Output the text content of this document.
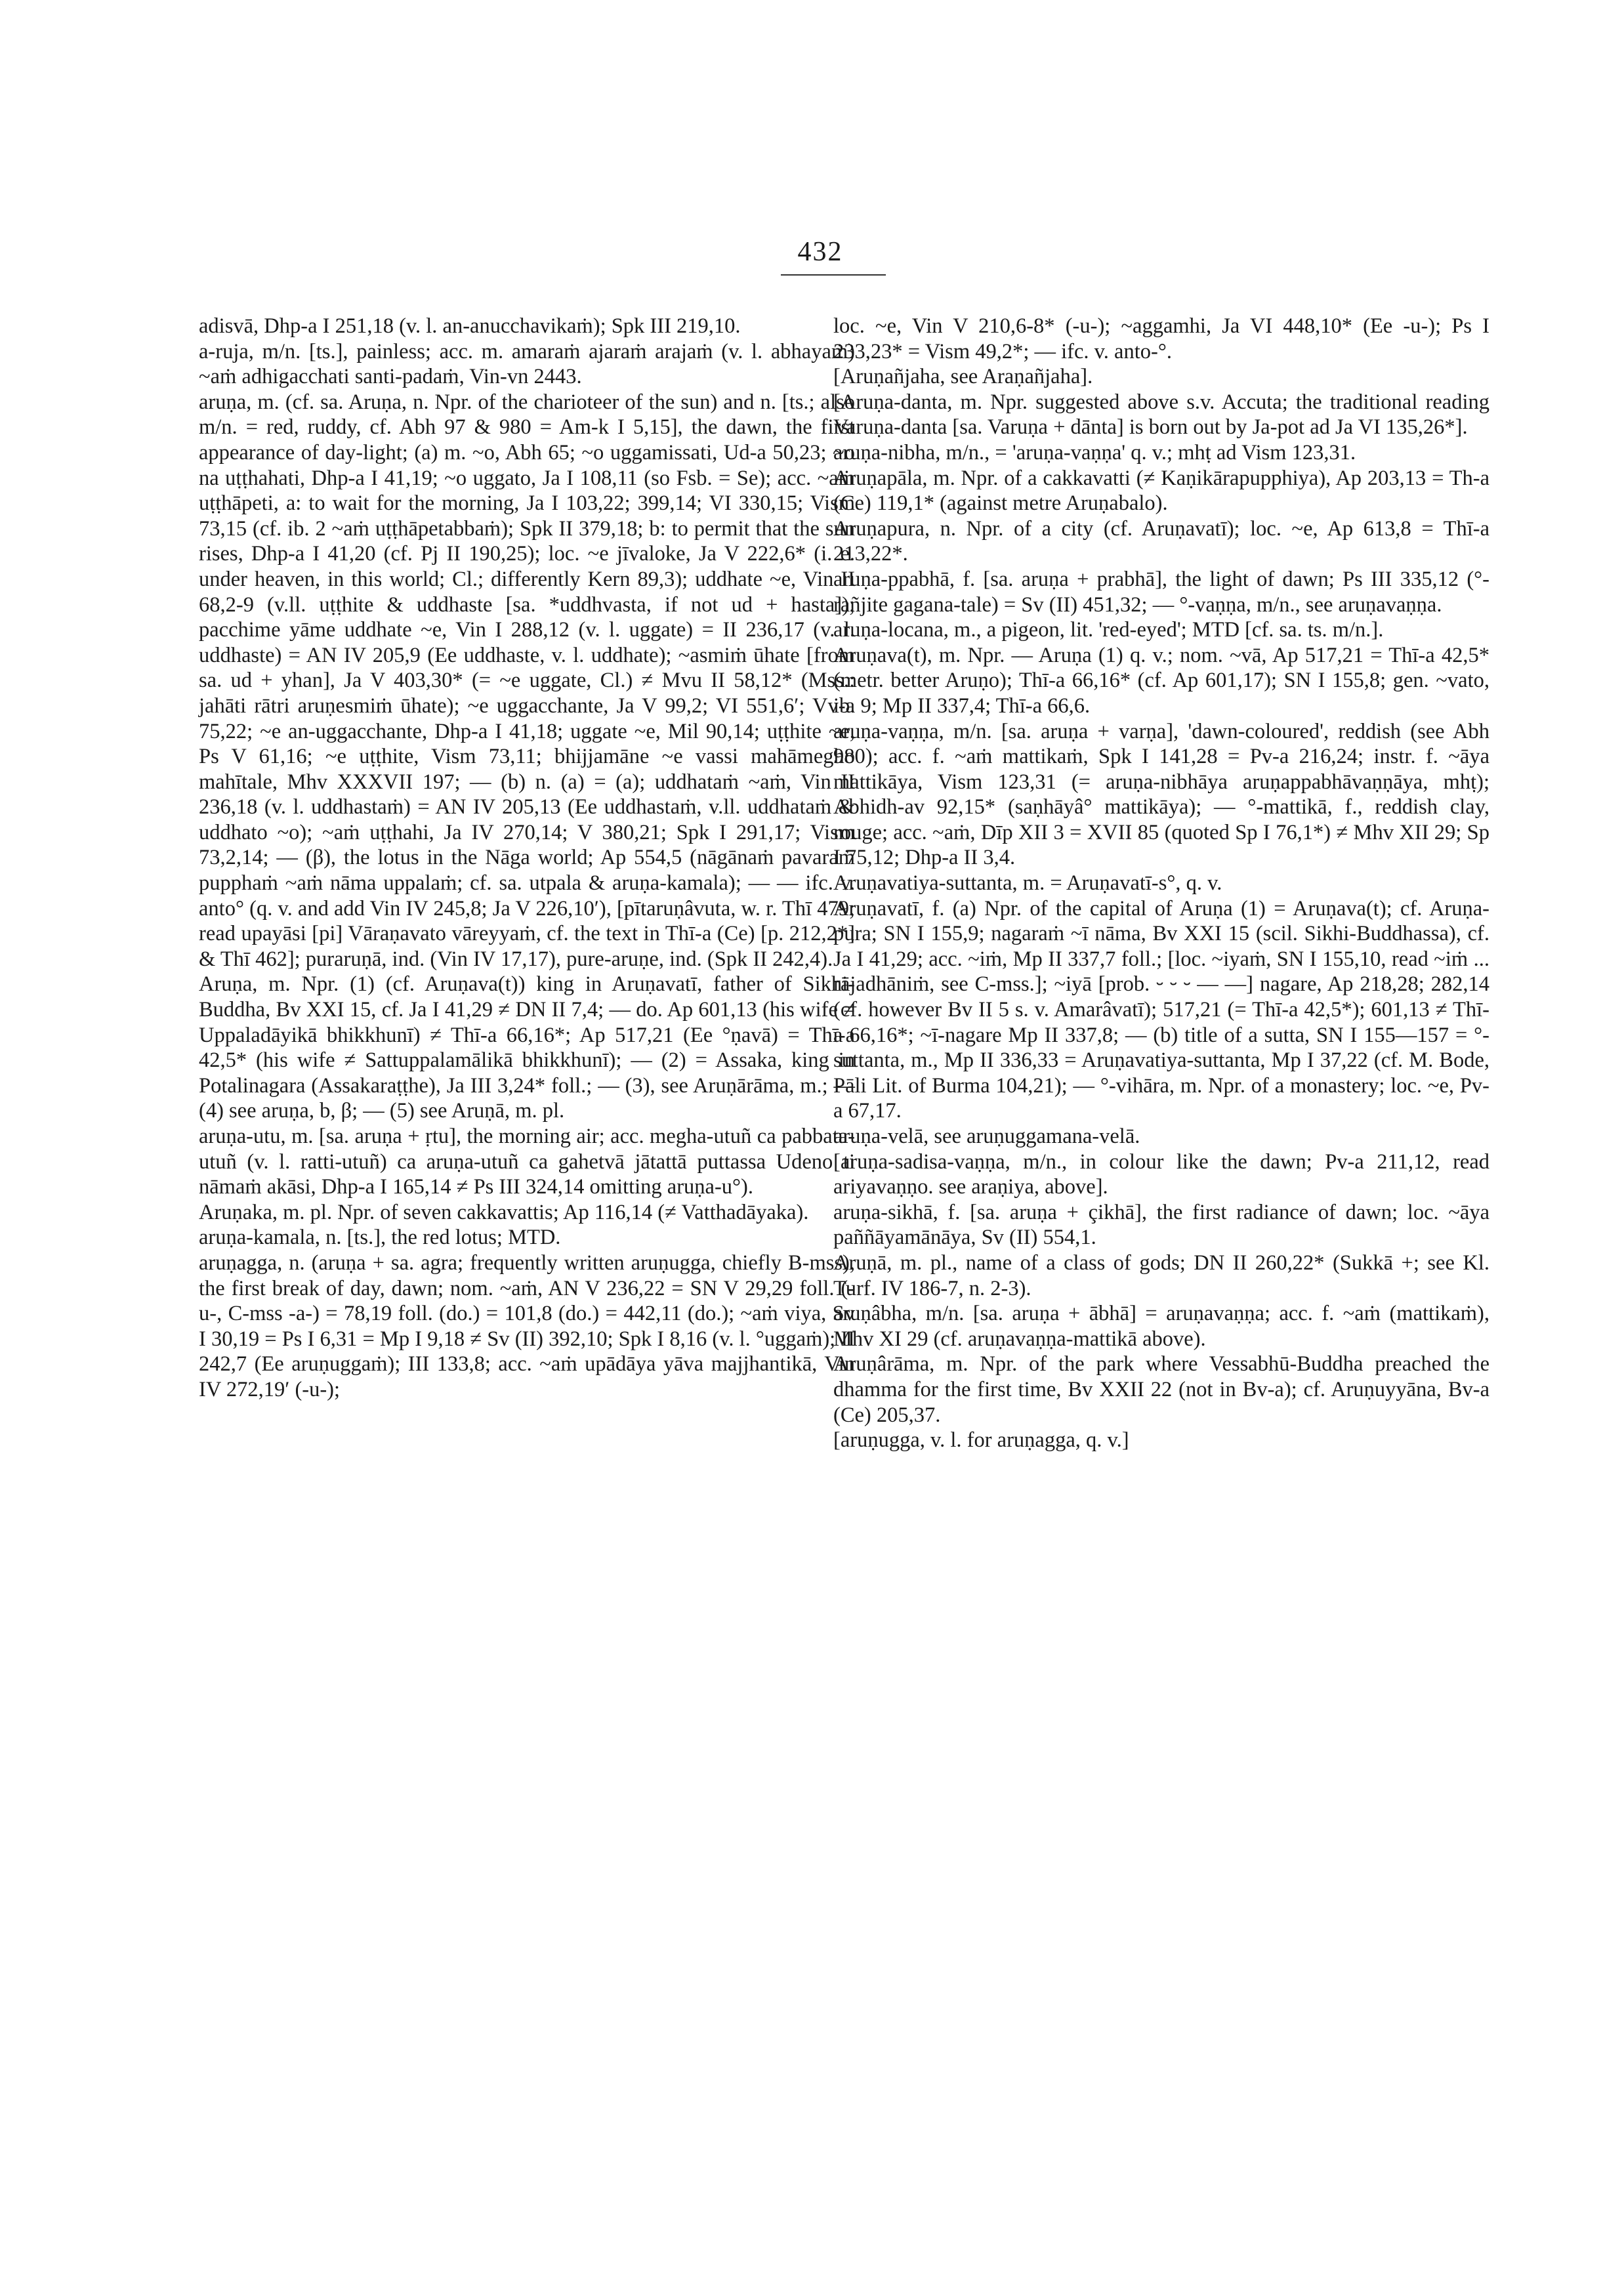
432

adisvā, Dhp-a I 251,18 (v. l. an-anucchavikaṁ); Spk III 219,10.

a-ruja, m/n. [ts.], painless; acc. m. amaraṁ ajaraṁ arajaṁ (v. l. abhayaṁ) ~aṁ adhigacchati santi-padaṁ, Vin-vn 2443.

aruṇa, m. (cf. sa. Aruṇa, n. Npr. of the charioteer of the sun) and n. [ts.; also m/n. = red, ruddy, cf. Abh 97 & 980 = Am-k I 5,15], the dawn, the first appearance of day-light; (a) m. ~o, Abh 65; ~o uggamissati, Ud-a 50,23; ~o na uṭṭhahati, Dhp-a I 41,19; ~o uggato, Ja I 108,11 (so Fsb. = Se); acc. ~aṁ uṭṭhāpeti, a: to wait for the morning, Ja I 103,22; 399,14; VI 330,15; Vism 73,15 (cf. ib. 2 ~aṁ uṭṭhāpetabbaṁ); Spk II 379,18; b: to permit that the sun rises, Dhp-a I 41,20 (cf. Pj II 190,25); loc. ~e jīvaloke, Ja V 222,6* (i. e. under heaven, in this world; Cl.; differently Kern 89,3); uddhate ~e, Vin II 68,2-9 (v.ll. uṭṭhite & uddhaste [sa. *uddhvasta, if not ud + hasta]); pacchime yāme uddhate ~e, Vin I 288,12 (v. l. uggate) = II 236,17 (v. l. uddhaste) = AN IV 205,9 (Ee uddhaste, v. l. uddhate); ~asmiṁ ūhate [from sa. ud + yhan], Ja V 403,30* (= ~e uggate, Cl.) ≠ Mvu II 58,12* (Mss.: jahāti rātri aruṇesmiṁ ūhate); ~e uggacchante, Ja V 99,2; VI 551,6′; Vv-a 75,22; ~e an-uggacchante, Dhp-a I 41,18; uggate ~e, Mil 90,14; uṭṭhite ~e, Ps V 61,16; ~e uṭṭhite, Vism 73,11; bhijjamāne ~e vassi mahāmegho mahītale, Mhv XXXVII 197; — (b) n. (a) = (a); uddhataṁ ~aṁ, Vin II 236,18 (v. l. uddhastaṁ) = AN IV 205,13 (Ee uddhastaṁ, v.ll. uddhataṁ & uddhato ~o); ~aṁ uṭṭhahi, Ja IV 270,14; V 380,21; Spk I 291,17; Vism 73,2,14; — (β), the lotus in the Nāga world; Ap 554,5 (nāgānaṁ pavaraṁ pupphaṁ ~aṁ nāma uppalaṁ; cf. sa. utpala & aruṇa-kamala); — — ifc. v. anto° (q. v. and add Vin IV 245,8; Ja V 226,10′), [pītaruṇâvuta, w. r. Thī 479; read upayāsi [pi] Vāraṇavato vāreyyaṁ, cf. the text in Thī-a (Ce) [p. 212,2*] & Thī 462]; puraruṇā, ind. (Vin IV 17,17), pure-aruṇe, ind. (Spk II 242,4).

Aruṇa, m. Npr. (1) (cf. Aruṇava(t)) king in Aruṇavatī, father of Sikhi-Buddha, Bv XXI 15, cf. Ja I 41,29 ≠ DN II 7,4; — do. Ap 601,13 (his wife ≠ Uppaladāyikā bhikkhunī) ≠ Thī-a 66,16*; Ap 517,21 (Ee °ṇavā) = Thī-a 42,5* (his wife ≠ Sattuppalamālikā bhikkhunī); — (2) = Assaka, king in Potalinagara (Assakaraṭṭhe), Ja III 3,24* foll.; — (3), see Aruṇārāma, m.; — (4) see aruṇa, b, β; — (5) see Aruṇā, m. pl.

aruṇa-utu, m. [sa. aruṇa + ṛtu], the morning air; acc. megha-utuñ ca pabbata-utuñ (v. l. ratti-utuñ) ca aruṇa-utuñ ca gahetvā jātattā puttassa Udeno ti nāmaṁ akāsi, Dhp-a I 165,14 ≠ Ps III 324,14 omitting aruṇa-u°).

Aruṇaka, m. pl. Npr. of seven cakkavattis; Ap 116,14 (≠ Vatthadāyaka).

aruṇa-kamala, n. [ts.], the red lotus; MTD.

aruṇagga, n. (aruṇa + sa. agra; frequently written aruṇugga, chiefly B-mss), the first break of day, dawn; nom. ~aṁ, AN V 236,22 = SN V 29,29 foll. (-u-, C-mss -a-) = 78,19 foll. (do.) = 101,8 (do.) = 442,11 (do.); ~aṁ viya, Sv I 30,19 = Ps I 6,31 = Mp I 9,18 ≠ Sv (II) 392,10; Spk I 8,16 (v. l. °uggaṁ); II 242,7 (Ee aruṇuggaṁ); III 133,8; acc. ~aṁ upādāya yāva majjhantikā, Vin IV 272,19′ (-u-);

loc. ~e, Vin V 210,6-8* (-u-); ~aggamhi, Ja VI 448,10* (Ee -u-); Ps I 233,23* = Vism 49,2*; — ifc. v. anto-°.

[Aruṇañjaha, see Araṇañjaha].

[Aruṇa-danta, m. Npr. suggested above s.v. Accuta; the traditional reading Varuṇa-danta [sa. Varuṇa + dānta] is born out by Ja-pot ad Ja VI 135,26*].

aruṇa-nibha, m/n., = 'aruṇa-vaṇṇa' q. v.; mhṭ ad Vism 123,31.

Aruṇapāla, m. Npr. of a cakkavatti (≠ Kaṇikārapupphiya), Ap 203,13 = Th-a (Ce) 119,1* (against metre Aruṇabalo).

Aruṇapura, n. Npr. of a city (cf. Aruṇavatī); loc. ~e, Ap 613,8 = Thī-a 213,22*.

aruṇa-ppabhā, f. [sa. aruṇa + prabhā], the light of dawn; Ps III 335,12 (°-rañjite gagana-tale) = Sv (II) 451,32; — °-vaṇṇa, m/n., see aruṇavaṇṇa.

aruṇa-locana, m., a pigeon, lit. 'red-eyed'; MTD [cf. sa. ts. m/n.].

Aruṇava(t), m. Npr. — Aruṇa (1) q. v.; nom. ~vā, Ap 517,21 = Thī-a 42,5* (metr. better Aruṇo); Thī-a 66,16* (cf. Ap 601,17); SN I 155,8; gen. ~vato, ib. 9; Mp II 337,4; Thī-a 66,6.

aruṇa-vaṇṇa, m/n. [sa. aruṇa + varṇa], 'dawn-coloured', reddish (see Abh 980); acc. f. ~aṁ mattikaṁ, Spk I 141,28 = Pv-a 216,24; instr. f. ~āya mattikāya, Vism 123,31 (= aruṇa-nibhāya aruṇappabhāvaṇṇāya, mhṭ); Abhidh-av 92,15* (saṇhāyâ° mattikāya); — °-mattikā, f., reddish clay, rouge; acc. ~aṁ, Dīp XII 3 = XVII 85 (quoted Sp I 76,1*) ≠ Mhv XII 29; Sp I 75,12; Dhp-a II 3,4.

Aruṇavatiya-suttanta, m. = Aruṇavatī-s°, q. v.

Aruṇavatī, f. (a) Npr. of the capital of Aruṇa (1) = Aruṇava(t); cf. Aruṇa-pura; SN I 155,9; nagaraṁ ~ī nāma, Bv XXI 15 (scil. Sikhi-Buddhassa), cf. Ja I 41,29; acc. ~iṁ, Mp II 337,7 foll.; [loc. ~iyaṁ, SN I 155,10, read ~iṁ ... rājadhāniṁ, see C-mss.]; ~iyā [prob. ⏑ ⏑ ⏑ — —] nagare, Ap 218,28; 282,14 (cf. however Bv II 5 s. v. Amarâvatī); 517,21 (= Thī-a 42,5*); 601,13 ≠ Thī-a 66,16*; ~ī-nagare Mp II 337,8; — (b) title of a sutta, SN I 155—157 = °-suttanta, m., Mp II 336,33 = Aruṇavatiya-suttanta, Mp I 37,22 (cf. M. Bode, Pāli Lit. of Burma 104,21); — °-vihāra, m. Npr. of a monastery; loc. ~e, Pv-a 67,17.

aruṇa-velā, see aruṇuggamana-velā.

[aruṇa-sadisa-vaṇṇa, m/n., in colour like the dawn; Pv-a 211,12, read ariyavaṇṇo. see araṇiya, above].

aruṇa-sikhā, f. [sa. aruṇa + çikhā], the first radiance of dawn; loc. ~āya paññāyamānāya, Sv (II) 554,1.

Aruṇā, m. pl., name of a class of gods; DN II 260,22* (Sukkā +; see Kl. Turf. IV 186-7, n. 2-3).

aruṇâbha, m/n. [sa. aruṇa + ābhā] = aruṇavaṇṇa; acc. f. ~aṁ (mattikaṁ), Mhv XI 29 (cf. aruṇavaṇṇa-mattikā above).

Aruṇârāma, m. Npr. of the park where Vessabhū-Buddha preached the dhamma for the first time, Bv XXII 22 (not in Bv-a); cf. Aruṇuyyāna, Bv-a (Ce) 205,37.

[aruṇugga, v. l. for aruṇagga, q. v.]
